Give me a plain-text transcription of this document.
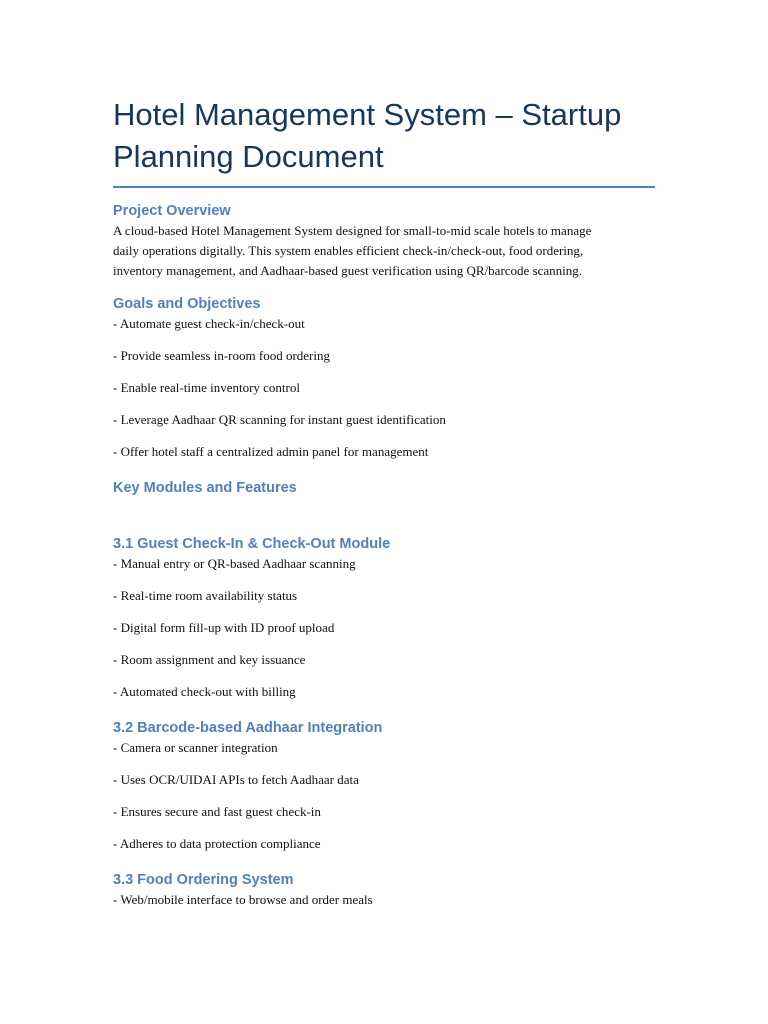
Hotel Management System – Startup Planning Document
Project Overview

A cloud-based Hotel Management System designed for small-to-mid scale hotels to manage

daily operations digitally. This system enables efficient check-in/check-out, food ordering,

inventory management, and Aadhaar-based guest verification using QR/barcode scanning.

Goals and Objectives

- Automate guest check-in/check-out

- Provide seamless in-room food ordering

- Enable real-time inventory control

- Leverage Aadhaar QR scanning for instant guest identification

- Offer hotel staff a centralized admin panel for management

Key Modules and Features
3.1 Guest Check-In & Check-Out Module

- Manual entry or QR-based Aadhaar scanning

- Real-time room availability status

- Digital form fill-up with ID proof upload

- Room assignment and key issuance

- Automated check-out with billing

3.2 Barcode-based Aadhaar Integration

- Camera or scanner integration

- Uses OCR/UIDAI APIs to fetch Aadhaar data

- Ensures secure and fast guest check-in

- Adheres to data protection compliance

3.3 Food Ordering System

- Web/mobile interface to browse and order meals
